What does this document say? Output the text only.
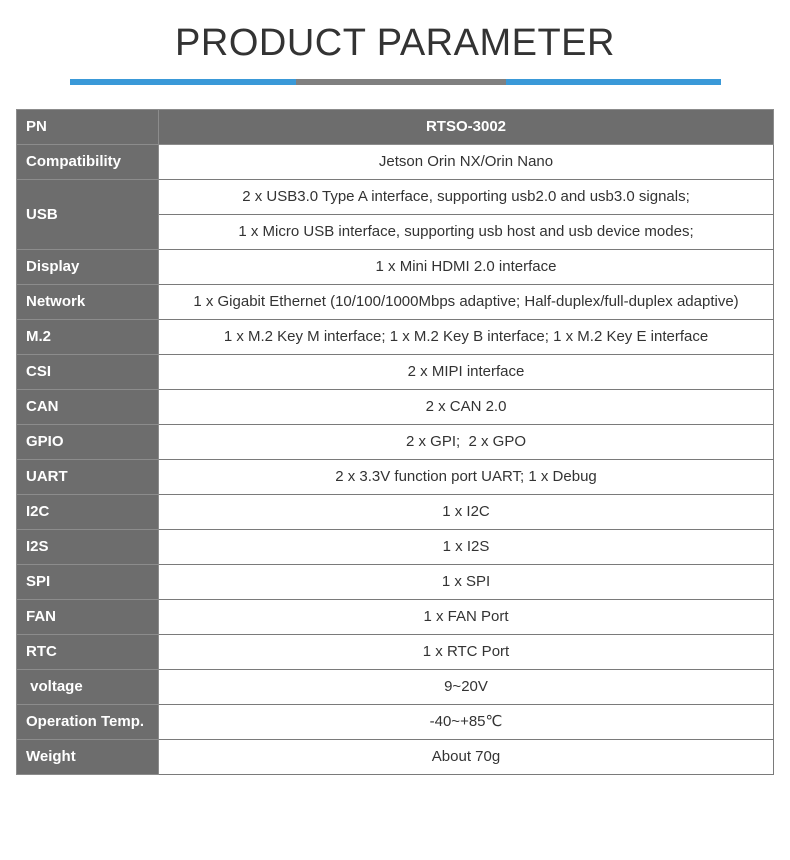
PRODUCT PARAMETER
PN	RTSO-3002
Compatibility	Jetson Orin NX/Orin Nano
USB	2 x USB3.0 Type A interface, supporting usb2.0 and usb3.0 signals;
	1 x Micro USB interface, supporting usb host and usb device modes;
Display	1 x Mini HDMI 2.0 interface
Network	1 x Gigabit Ethernet (10/100/1000Mbps adaptive; Half-duplex/full-duplex adaptive)
M.2	1 x M.2 Key M interface; 1 x M.2 Key B interface; 1 x M.2 Key E interface
CSI	2 x MIPI interface
CAN	2 x CAN 2.0
GPIO	2 x GPI;  2 x GPO
UART	2 x 3.3V function port UART; 1 x Debug
I2C	1 x I2C
I2S	1 x I2S
SPI	1 x SPI
FAN	1 x FAN Port
RTC	1 x RTC Port
voltage	9~20V
Operation Temp.	-40~+85℃
Weight	About 70g
